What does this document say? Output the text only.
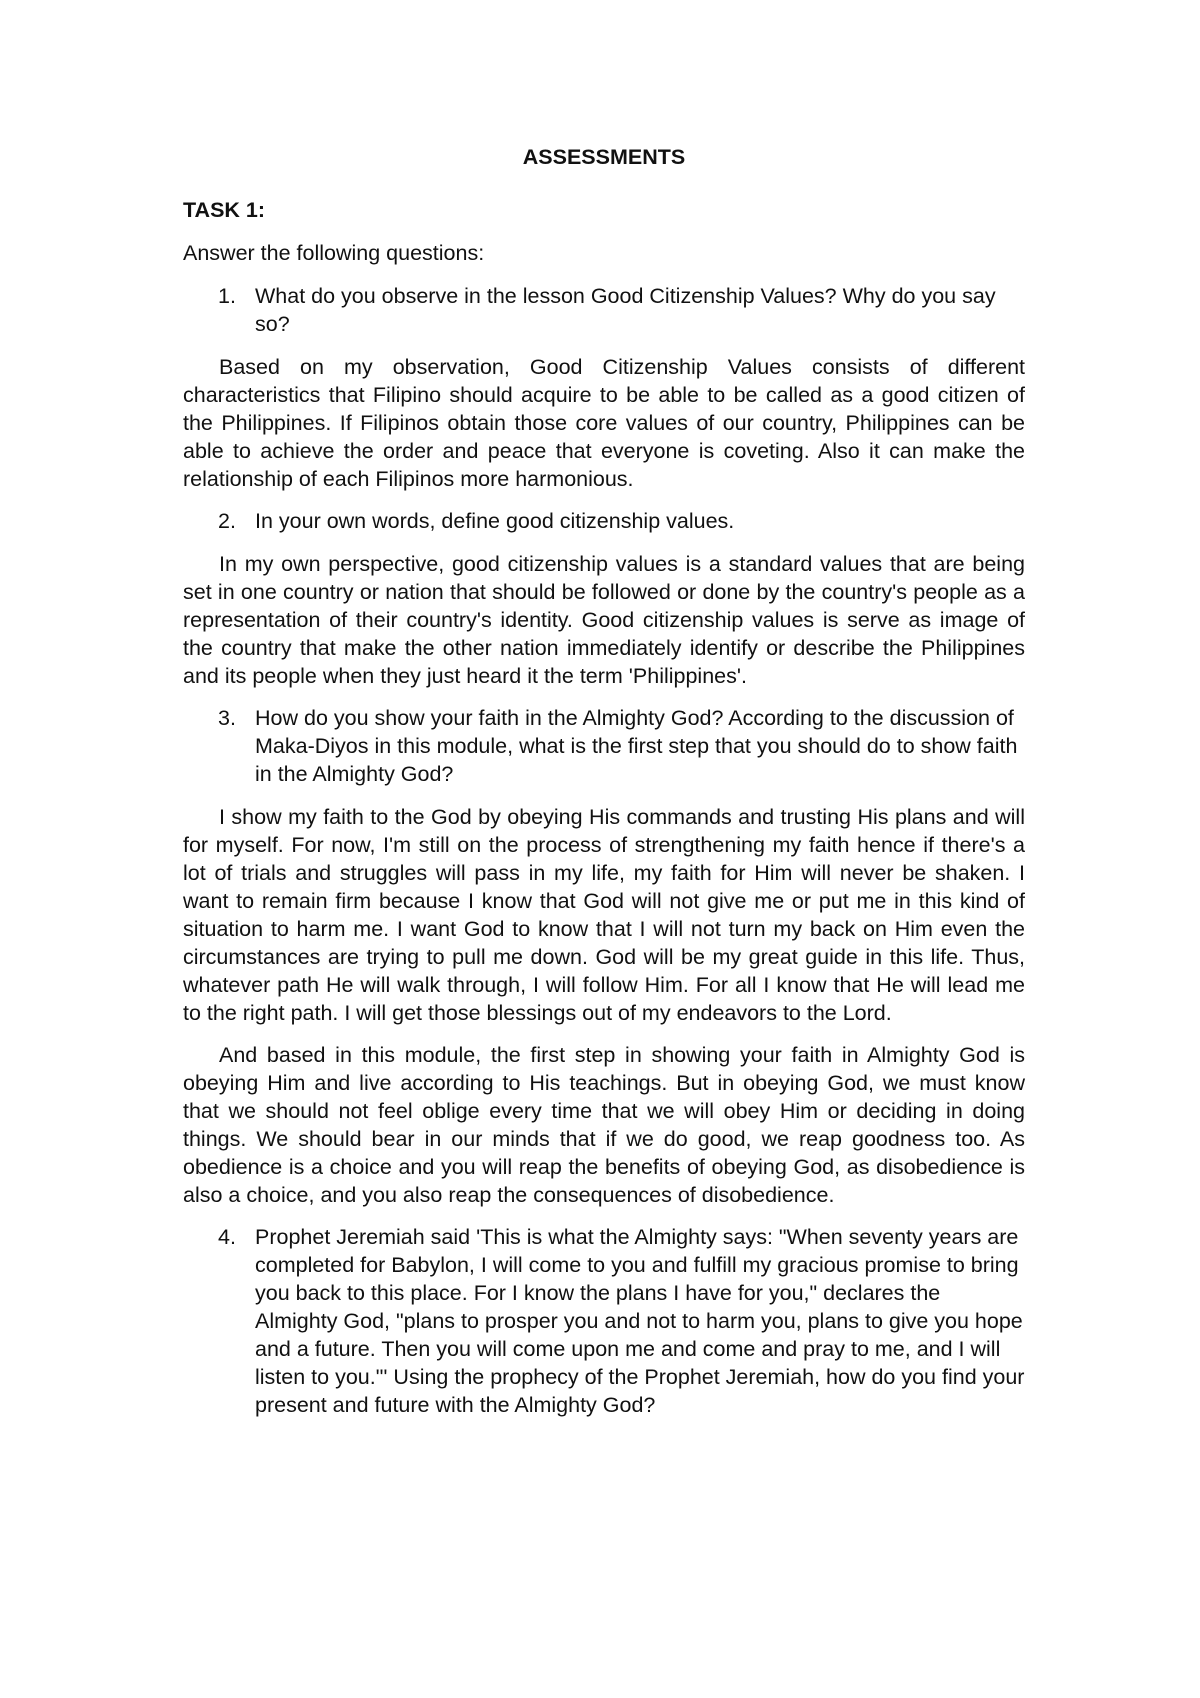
ASSESSMENTS
TASK 1:
Answer the following questions:
1. What do you observe in the lesson Good Citizenship Values? Why do you say so?

Based on my observation, Good Citizenship Values consists of different characteristics that Filipino should acquire to be able to be called as a good citizen of the Philippines. If Filipinos obtain those core values of our country, Philippines can be able to achieve the order and peace that everyone is coveting. Also it can make the relationship of each Filipinos more harmonious.

2. In your own words, define good citizenship values.

In my own perspective, good citizenship values is a standard values that are being set in one country or nation that should be followed or done by the country's people as a representation of their country's identity. Good citizenship values is serve as image of the country that make the other nation immediately identify or describe the Philippines and its people when they just heard it the term 'Philippines'.

3. How do you show your faith in the Almighty God? According to the discussion of Maka-Diyos in this module, what is the first step that you should do to show faith in the Almighty God?

I show my faith to the God by obeying His commands and trusting His plans and will for myself. For now, I'm still on the process of strengthening my faith hence if there's a lot of trials and struggles will pass in my life, my faith for Him will never be shaken. I want to remain firm because I know that God will not give me or put me in this kind of situation to harm me. I want God to know that I will not turn my back on Him even the circumstances are trying to pull me down. God will be my great guide in this life. Thus, whatever path He will walk through, I will follow Him. For all I know that He will lead me to the right path. I will get those blessings out of my endeavors to the Lord.

And based in this module, the first step in showing your faith in Almighty God is obeying Him and live according to His teachings. But in obeying God, we must know that we should not feel oblige every time that we will obey Him or deciding in doing things. We should bear in our minds that if we do good, we reap goodness too. As obedience is a choice and you will reap the benefits of obeying God, as disobedience is also a choice, and you also reap the consequences of disobedience.

4. Prophet Jeremiah said 'This is what the Almighty says: "When seventy years are completed for Babylon, I will come to you and fulfill my gracious promise to bring you back to this place. For I know the plans I have for you," declares the Almighty God, "plans to prosper you and not to harm you, plans to give you hope and a future. Then you will come upon me and come and pray to me, and I will listen to you."' Using the prophecy of the Prophet Jeremiah, how do you find your present and future with the Almighty God?
